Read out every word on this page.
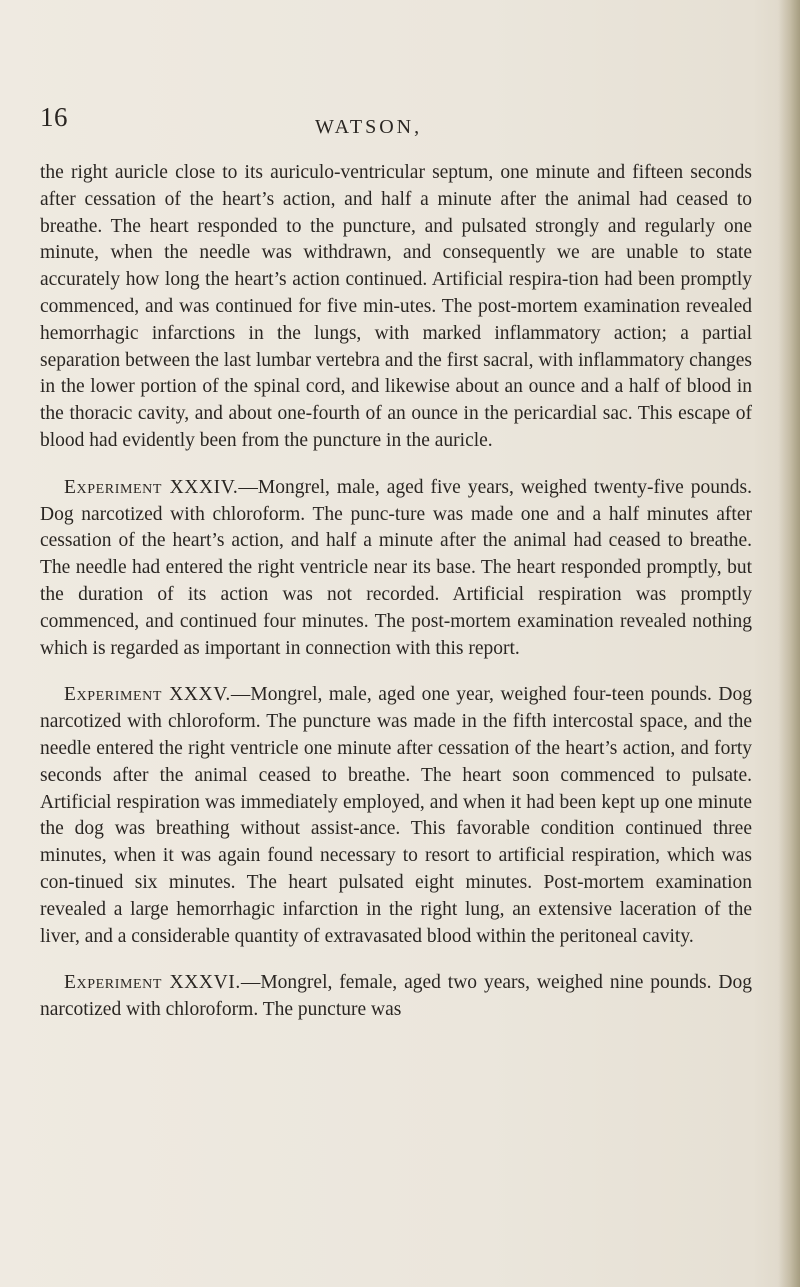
16	WATSON,

the right auricle close to its auriculo-ventricular septum, one minute and fifteen seconds after cessation of the heart’s action, and half a minute after the animal had ceased to breathe. The heart responded to the puncture, and pulsated strongly and regularly one minute, when the needle was withdrawn, and consequently we are unable to state accurately how long the heart’s action continued. Artificial respira-tion had been promptly commenced, and was continued for five min-utes. The post-mortem examination revealed hemorrhagic infarctions in the lungs, with marked inflammatory action; a partial separation between the last lumbar vertebra and the first sacral, with inflammatory changes in the lower portion of the spinal cord, and likewise about an ounce and a half of blood in the thoracic cavity, and about one-fourth of an ounce in the pericardial sac. This escape of blood had evidently been from the puncture in the auricle.

Experiment XXXIV.—Mongrel, male, aged five years, weighed twenty-five pounds. Dog narcotized with chloroform. The punc-ture was made one and a half minutes after cessation of the heart’s action, and half a minute after the animal had ceased to breathe. The needle had entered the right ventricle near its base. The heart responded promptly, but the duration of its action was not recorded. Artificial respiration was promptly commenced, and continued four minutes. The post-mortem examination revealed nothing which is regarded as important in connection with this report.

Experiment XXXV.—Mongrel, male, aged one year, weighed four-teen pounds. Dog narcotized with chloroform. The puncture was made in the fifth intercostal space, and the needle entered the right ventricle one minute after cessation of the heart’s action, and forty seconds after the animal ceased to breathe. The heart soon commenced to pulsate. Artificial respiration was immediately employed, and when it had been kept up one minute the dog was breathing without assist-ance. This favorable condition continued three minutes, when it was again found necessary to resort to artificial respiration, which was con-tinued six minutes. The heart pulsated eight minutes. Post-mortem examination revealed a large hemorrhagic infarction in the right lung, an extensive laceration of the liver, and a considerable quantity of extravasated blood within the peritoneal cavity.

Experiment XXXVI.—Mongrel, female, aged two years, weighed nine pounds. Dog narcotized with chloroform. The puncture was
